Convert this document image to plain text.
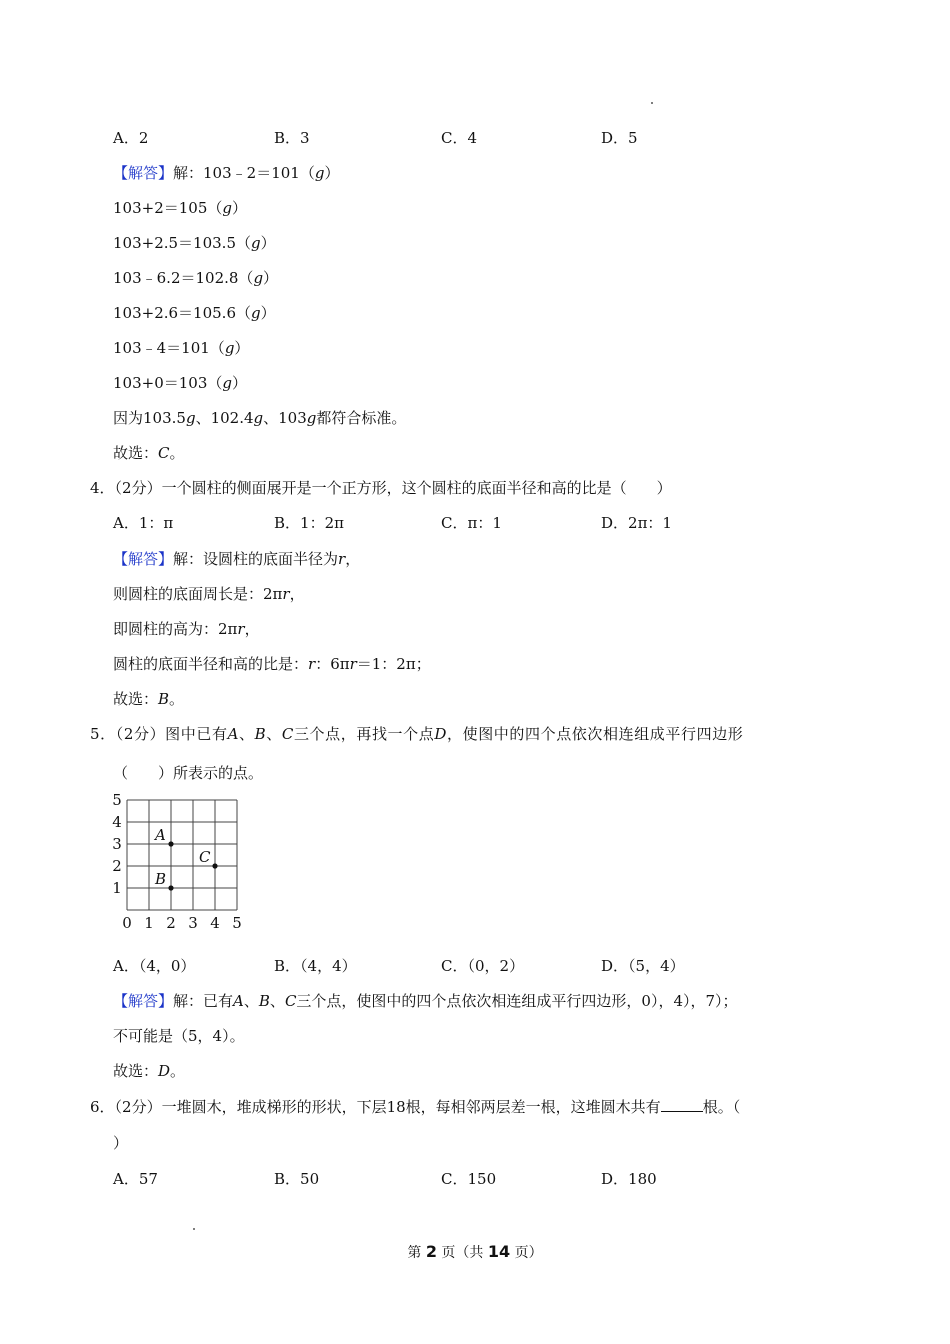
A．2	B．3	C．4	D．5
【解答】解：103﹣2＝101（g）
103+2＝105（g）
103+2.5＝103.5（g）
103﹣6.2＝102.8（g）
103+2.6＝105.6（g）
103﹣4＝101（g）
103+0＝103（g）
因为103.5g、102.4g、103g都符合标准。
故选：C。
4．（2分）一个圆柱的侧面展开是一个正方形，这个圆柱的底面半径和高的比是（　　）
A．1：π	B．1：2π	C．π：1	D．2π：1
【解答】解：设圆柱的底面半径为r，
则圆柱的底面周长是：2πr，
即圆柱的高为：2πr，
圆柱的底面半径和高的比是：r：6πr＝1：2π；
故选：B。
5．（2分）图中已有A、B、C三个点，再找一个点D，使图中的四个点依次相连组成平行四边形
（　　）所表示的点。
0 1 2 3 4 5
1
2
3
4
5
A
B
C
A．（4，0）	B．（4，4）	C．（0，2）	D．（5，4）
【解答】解：已有A、B、C三个点，使图中的四个点依次相连组成平行四边形，0），4），7）；
不可能是（5，4）。
故选：D。
6．（2分）一堆圆木，堆成梯形的形状，下层18根，每相邻两层差一根，这堆圆木共有	根。（
）
A．57	B．50	C．150	D．180
第 2 页（共 14 页）
